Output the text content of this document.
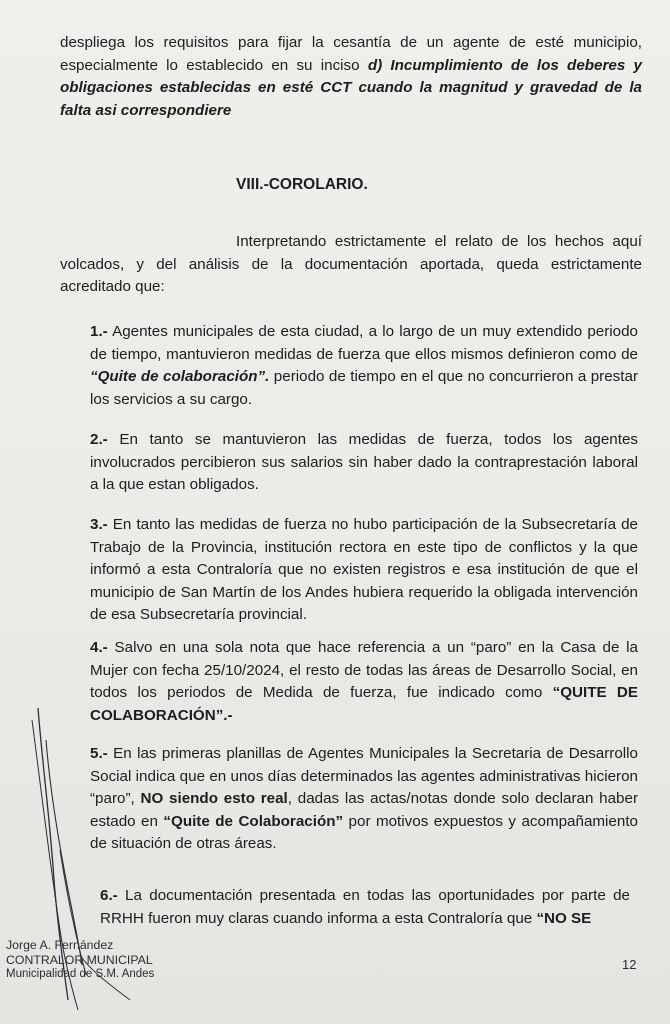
despliega los requisitos para fijar la cesantía de un agente de esté municipio, especialmente lo establecido en su inciso d) Incumplimiento de los deberes y obligaciones establecidas en esté CCT cuando la magnitud y gravedad de la falta asi correspondiere
VIII.-COROLARIO.
Interpretando estrictamente el relato de los hechos aquí volcados, y del análisis de la documentación aportada, queda estrictamente acreditado que:
1.- Agentes municipales de esta ciudad, a lo largo de un muy extendido periodo de tiempo, mantuvieron medidas de fuerza que ellos mismos definieron como de “Quite de colaboración”. periodo de tiempo en el que no concurrieron a prestar los servicios a su cargo.
2.- En tanto se mantuvieron las medidas de fuerza, todos los agentes involucrados percibieron sus salarios sin haber dado la contraprestación laboral a la que estan obligados.
3.- En tanto las medidas de fuerza no hubo participación de la Subsecretaría de Trabajo de la Provincia, institución rectora en este tipo de conflictos y la que informó a esta Contraloría que no existen registros e esa institución de que el municipio de San Martín de los Andes hubiera requerido la obligada intervención de esa Subsecretaría provincial.
4.- Salvo en una sola nota que hace referencia a un “paro” en la Casa de la Mujer con fecha 25/10/2024, el resto de todas las áreas de Desarrollo Social, en todos los periodos de Medida de fuerza, fue indicado como “QUITE DE COLABORACIÓN”.-
5.- En las primeras planillas de Agentes Municipales la Secretaria de Desarrollo Social indica que en unos días determinados las agentes administrativas hicieron “paro”, NO siendo esto real, dadas las actas/notas donde solo declaran haber estado en “Quite de Colaboración” por motivos expuestos y acompañamiento de situación de otras áreas.
6.- La documentación presentada en todas las oportunidades por parte de RRHH fueron muy claras cuando informa a esta Contraloría que “NO SE
Jorge A. Fernández
CONTRALOR MUNICIPAL
Municipalidad de S.M. Andes
12
